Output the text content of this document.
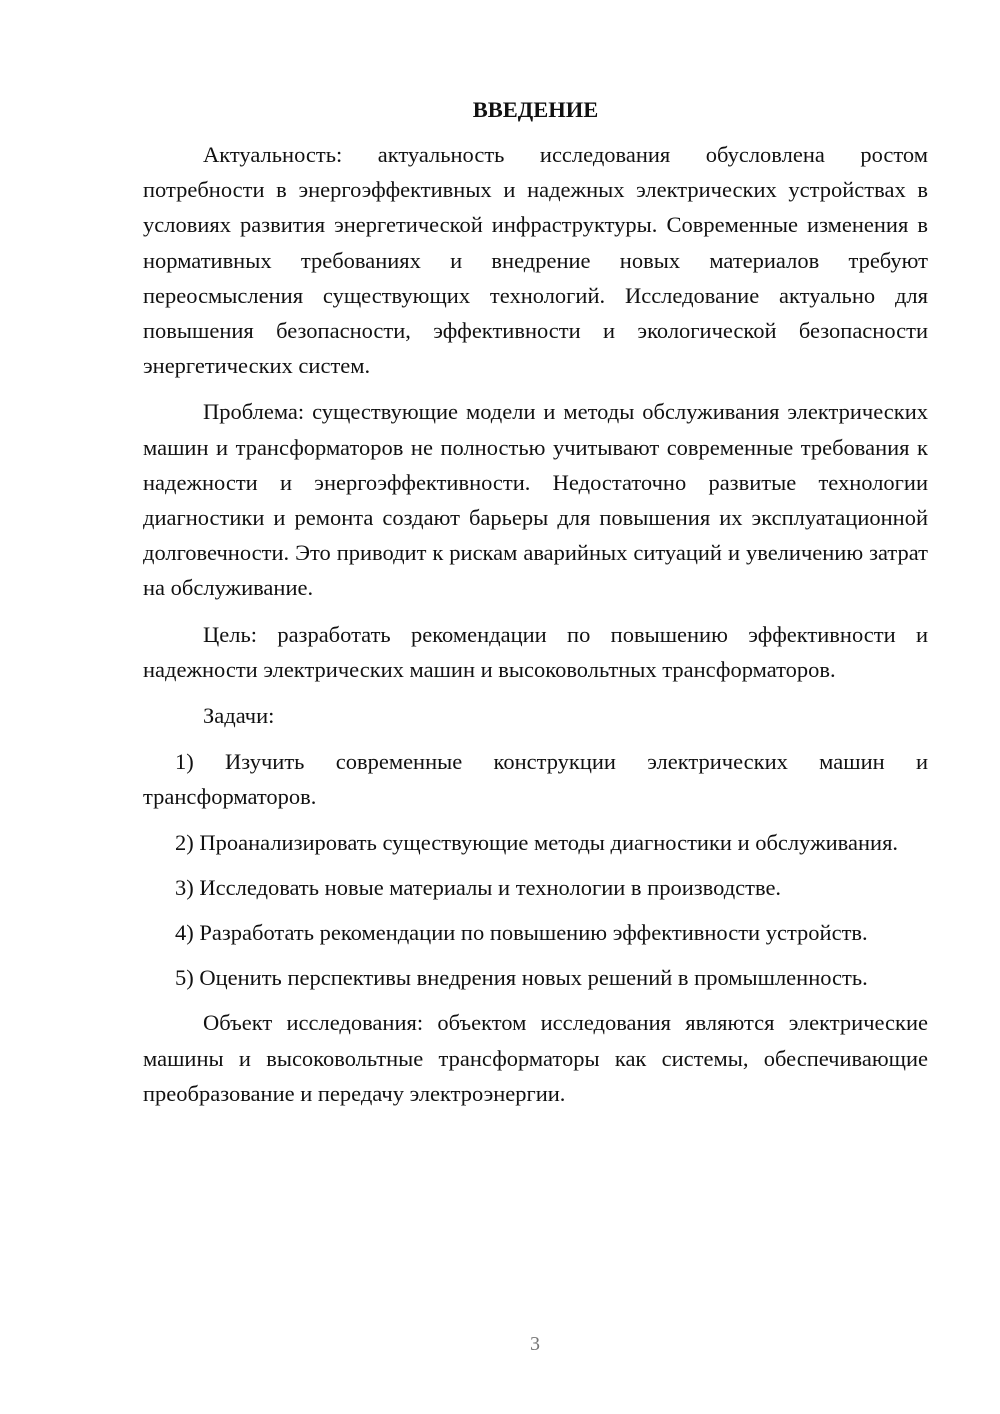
ВВЕДЕНИЕ

Актуальность: актуальность исследования обусловлена ростом потребности в энергоэффективных и надежных электрических устройствах в условиях развития энергетической инфраструктуры. Современные изменения в нормативных требованиях и внедрение новых материалов требуют переосмысления существующих технологий. Исследование актуально для повышения безопасности, эффективности и экологической безопасности энергетических систем.

Проблема: существующие модели и методы обслуживания электрических машин и трансформаторов не полностью учитывают современные требования к надежности и энергоэффективности. Недостаточно развитые технологии диагностики и ремонта создают барьеры для повышения их эксплуатационной долговечности. Это приводит к рискам аварийных ситуаций и увеличению затрат на обслуживание.

Цель: разработать рекомендации по повышению эффективности и надежности электрических машин и высоковольтных трансформаторов.

Задачи:

1) Изучить современные конструкции электрических машин и трансформаторов.

2) Проанализировать существующие методы диагностики и обслуживания.

3) Исследовать новые материалы и технологии в производстве.

4) Разработать рекомендации по повышению эффективности устройств.

5) Оценить перспективы внедрения новых решений в промышленность.

Объект исследования: объектом исследования являются электрические машины и высоковольтные трансформаторы как системы, обеспечивающие преобразование и передачу электроэнергии.

3
